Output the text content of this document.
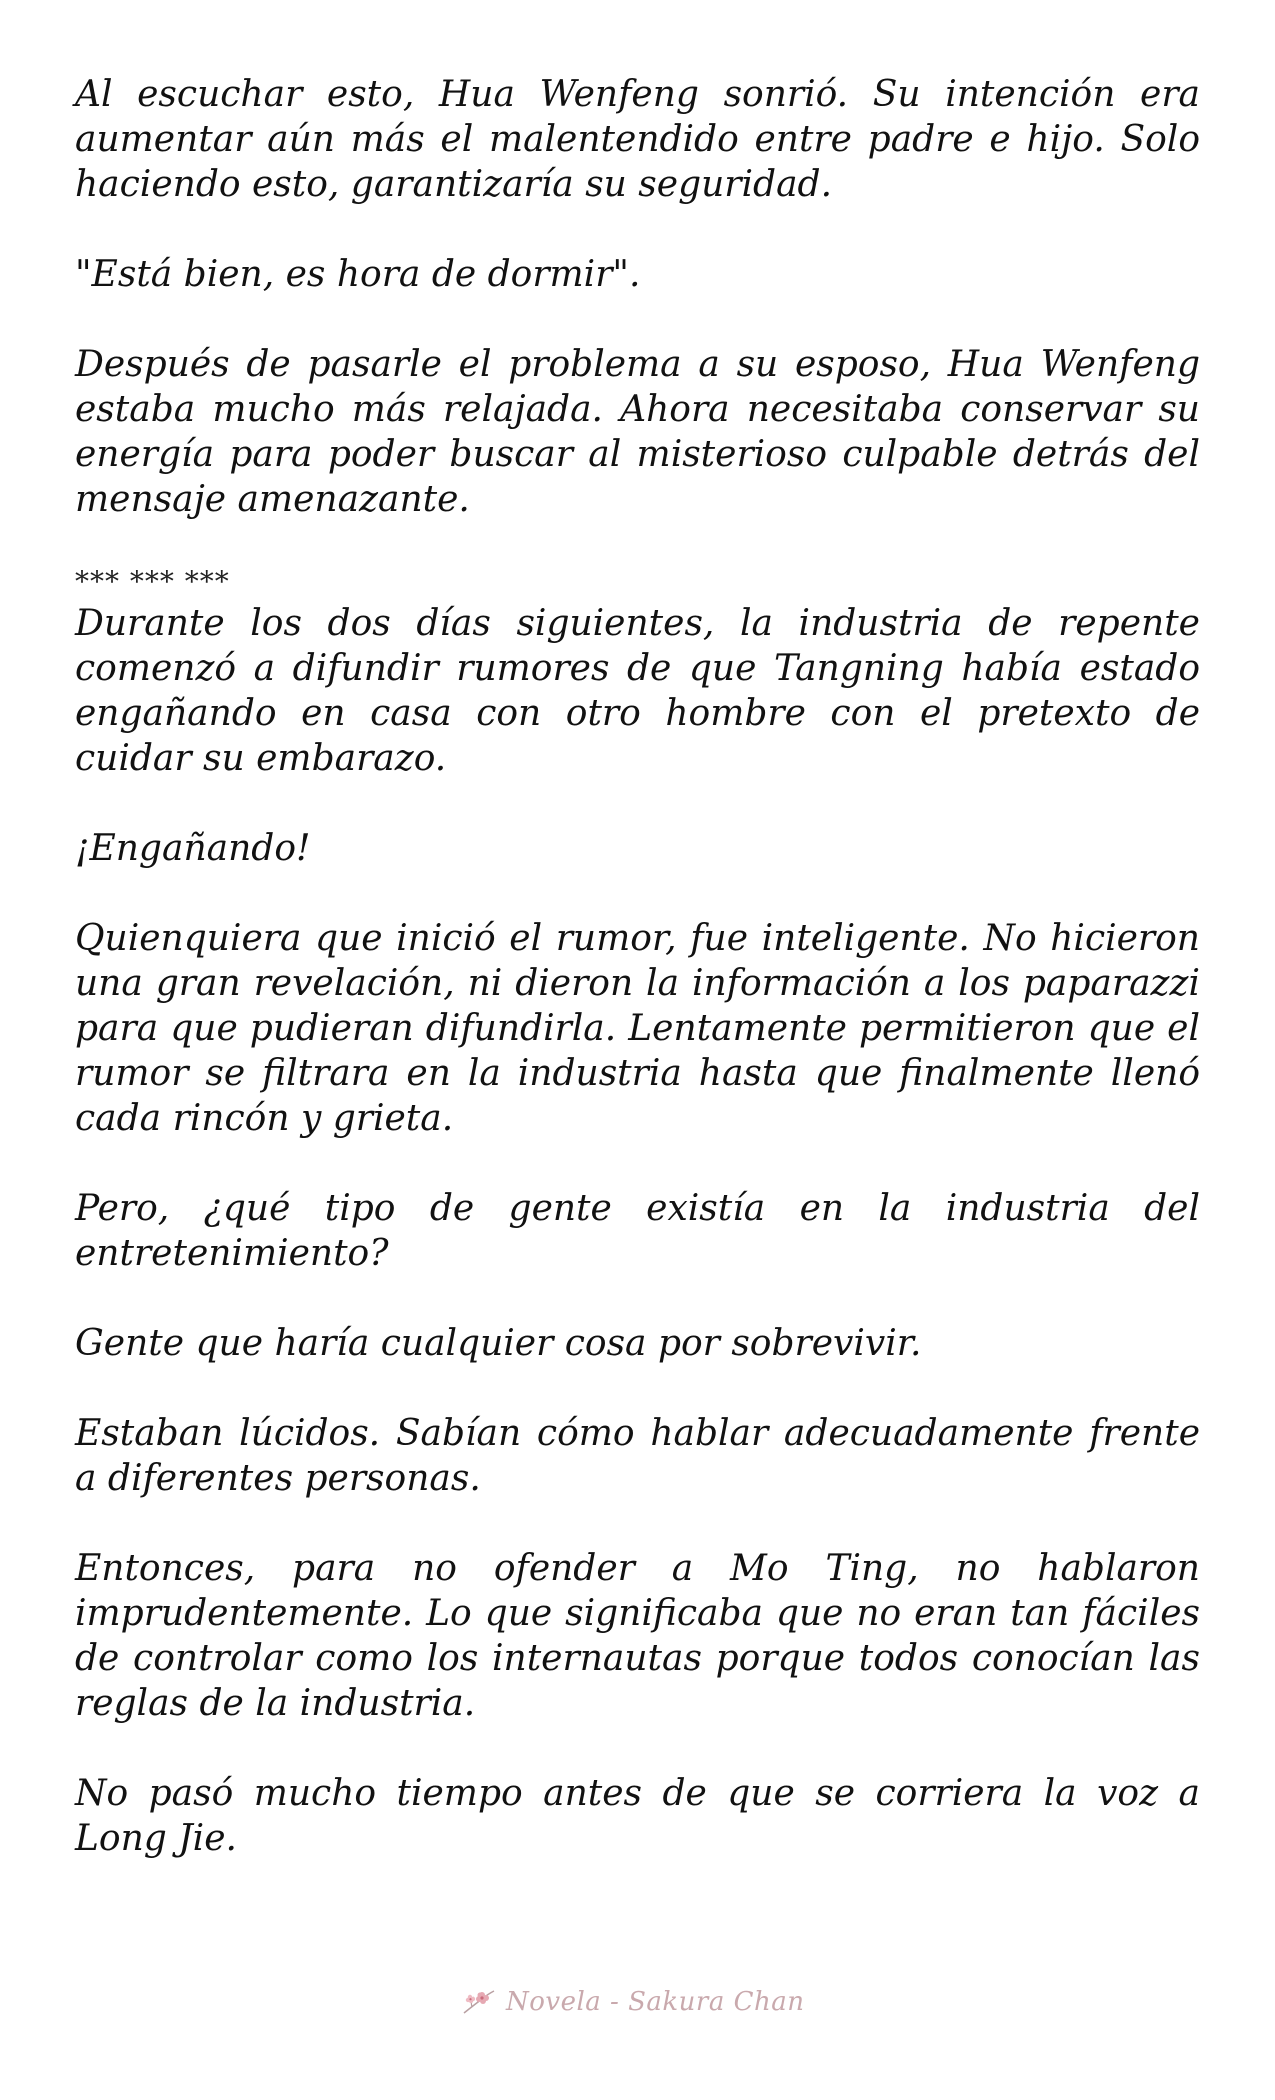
Al escuchar esto, Hua Wenfeng sonrió. Su intención era aumentar aún más el malentendido entre padre e hijo. Solo haciendo esto, garantizaría su seguridad.

"Está bien, es hora de dormir".

Después de pasarle el problema a su esposo, Hua Wenfeng estaba mucho más relajada. Ahora necesitaba conservar su energía para poder buscar al misterioso culpable detrás del mensaje amenazante.

*** *** ***

Durante los dos días siguientes, la industria de repente comenzó a difundir rumores de que Tangning había estado engañando en casa con otro hombre con el pretexto de cuidar su embarazo.

¡Engañando!

Quienquiera que inició el rumor, fue inteligente. No hicieron una gran revelación, ni dieron la información a los paparazzi para que pudieran difundirla. Lentamente permitieron que el rumor se filtrara en la industria hasta que finalmente llenó cada rincón y grieta.

Pero, ¿qué tipo de gente existía en la industria del entretenimiento?

Gente que haría cualquier cosa por sobrevivir.

Estaban lúcidos. Sabían cómo hablar adecuadamente frente a diferentes personas.

Entonces, para no ofender a Mo Ting, no hablaron imprudentemente. Lo que significaba que no eran tan fáciles de controlar como los internautas porque todos conocían las reglas de la industria.

No pasó mucho tiempo antes de que se corriera la voz a Long Jie.

Novela - Sakura Chan
